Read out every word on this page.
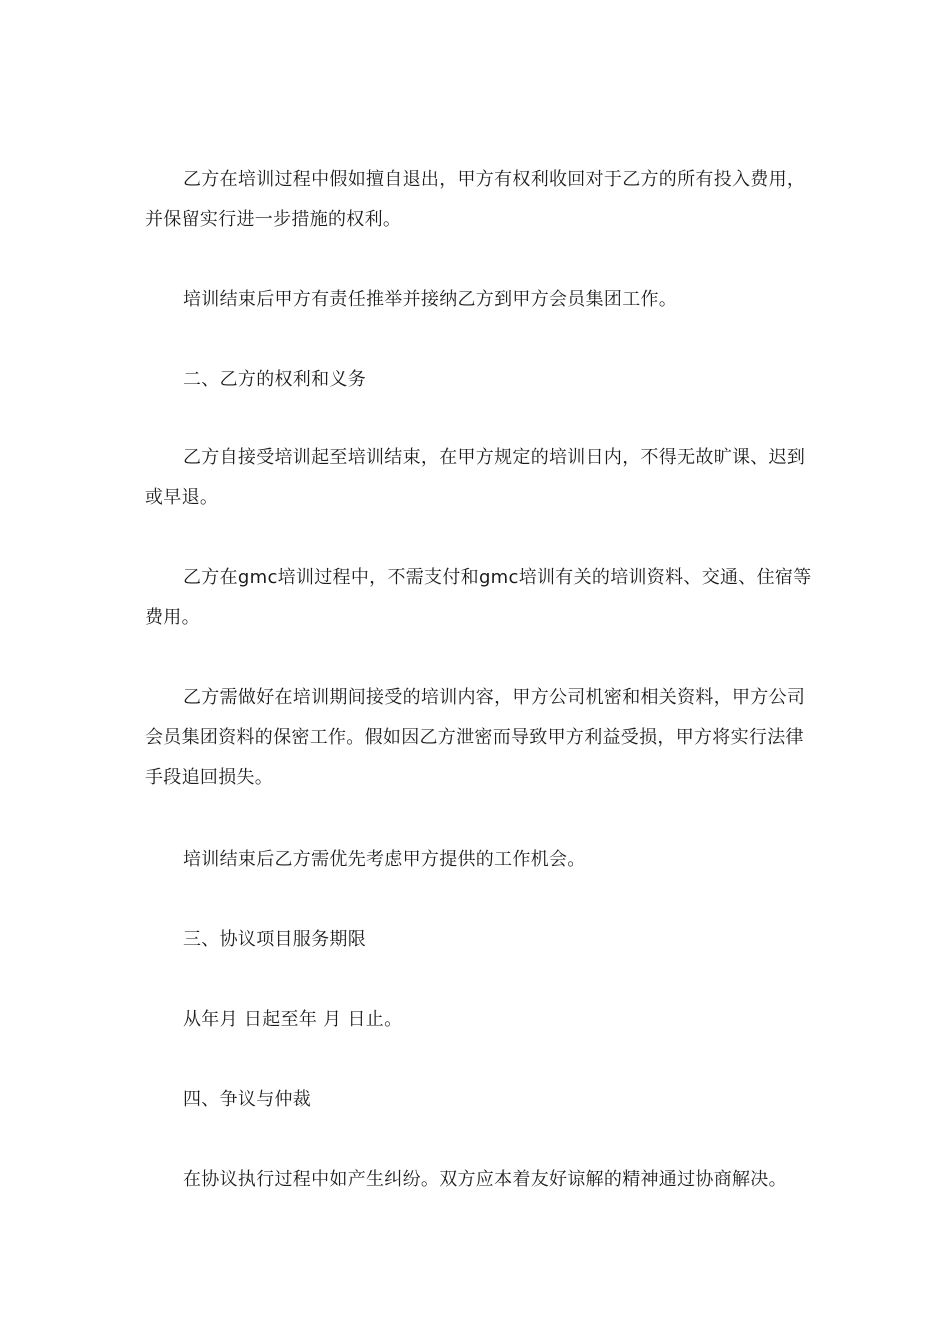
乙方在培训过程中假如擅自退出，甲方有权利收回对于乙方的所有投入费用，并保留实行进一步措施的权利。

培训结束后甲方有责任推举并接纳乙方到甲方会员集团工作。

二、乙方的权利和义务

乙方自接受培训起至培训结束，在甲方规定的培训日内，不得无故旷课、迟到或早退。

乙方在gmc培训过程中，不需支付和gmc培训有关的培训资料、交通、住宿等费用。

乙方需做好在培训期间接受的培训内容，甲方公司机密和相关资料，甲方公司会员集团资料的保密工作。假如因乙方泄密而导致甲方利益受损，甲方将实行法律手段追回损失。

培训结束后乙方需优先考虑甲方提供的工作机会。

三、协议项目服务期限

从年月 日起至年 月 日止。

四、争议与仲裁

在协议执行过程中如产生纠纷。双方应本着友好谅解的精神通过协商解决。
